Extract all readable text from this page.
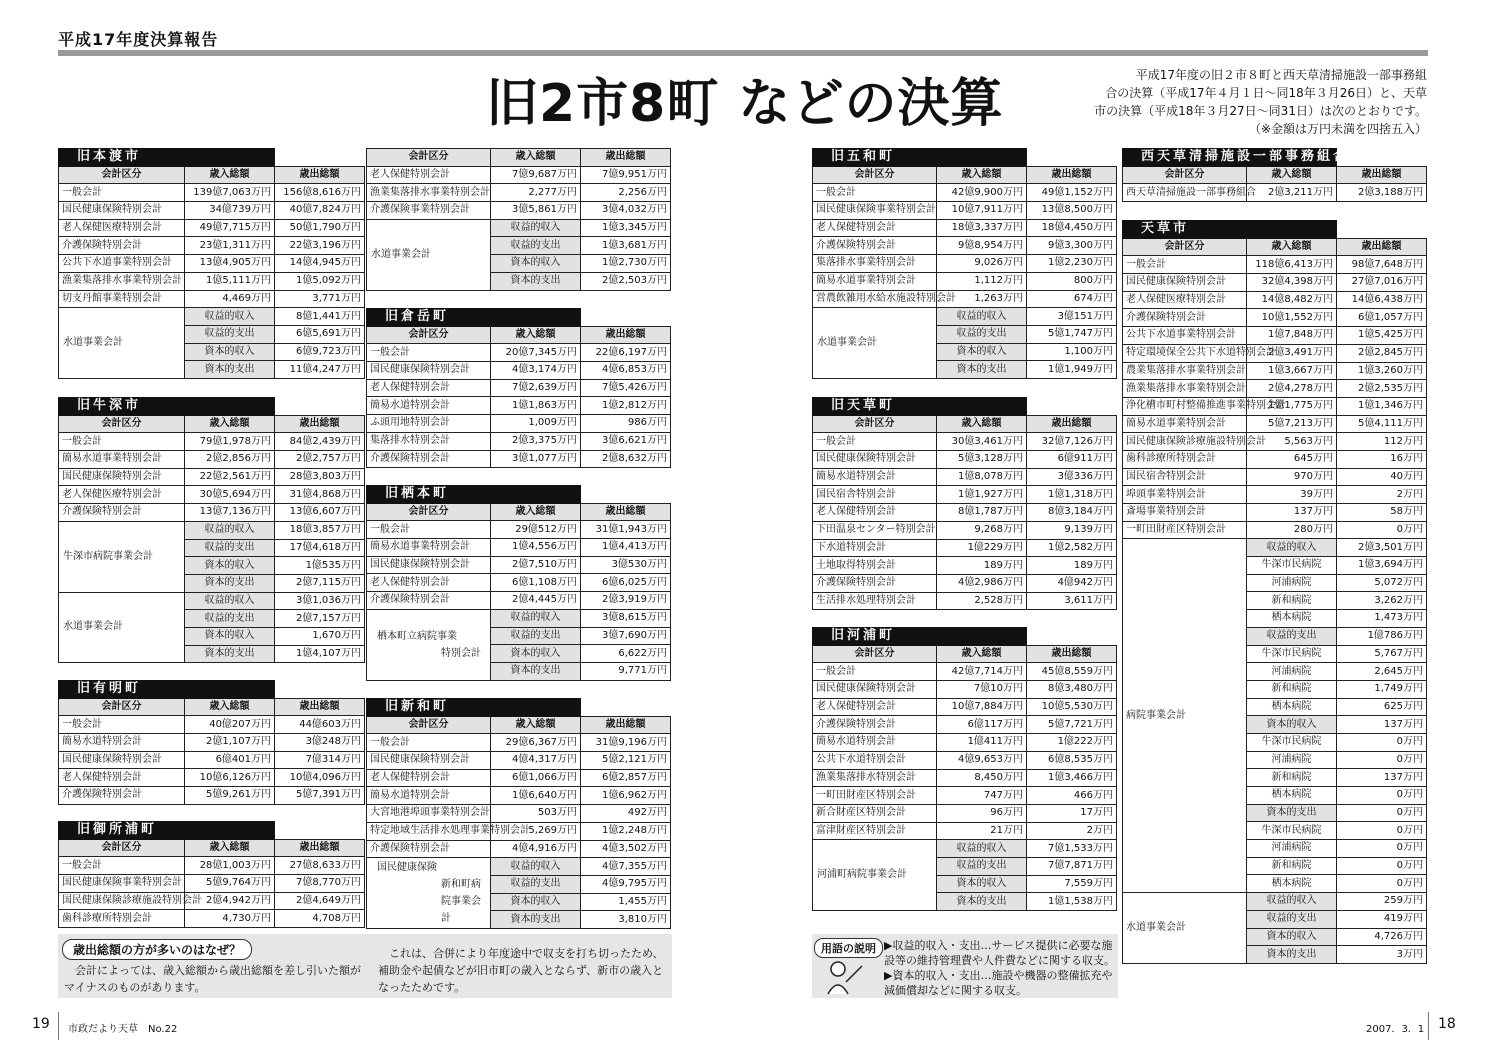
平成17年度決算報告
旧2市8町 などの決算	平成17年度の旧２市８町と西天草清掃施設一部事務組
合の決算（平成17年４月１日～同18年３月26日）と、天草
市の決算（平成18年３月27日～同31日）は次のとおりです。
（※金額は万円未満を四捨五入）
旧本渡市		
会計区分	歳入総額	歳出総額
一般会計	139億7,063万円	156億8,616万円
国民健康保険特別会計	34億739万円	40億7,824万円
老人保健医療特別会計	49億7,715万円	50億1,790万円
介護保険特別会計	23億1,311万円	22億3,196万円
公共下水道事業特別会計	13億4,905万円	14億4,945万円
漁業集落排水事業特別会計	1億5,111万円	1億5,092万円
切支丹館事業特別会計	4,469万円	3,771万円
水道事業会計	収益的収入	8億1,441万円
	収益的支出	6億5,691万円
	資本的収入	6億9,723万円
	資本的支出	11億4,247万円
会計区分	歳入総額	歳出総額
老人保健特別会計	7億9,687万円	7億9,951万円
漁業集落排水事業特別会計	2,277万円	2,256万円
介護保険事業特別会計	3億5,861万円	3億4,032万円
水道事業会計	収益的収入	1億3,345万円
	収益的支出	1億3,681万円
	資本的収入	1億2,730万円
	資本的支出	2億2,503万円
旧牛深市		
会計区分	歳入総額	歳出総額
一般会計	79億1,978万円	84億2,439万円
簡易水道事業特別会計	2億2,856万円	2億2,757万円
国民健康保険特別会計	22億2,561万円	28億3,803万円
老人保健医療特別会計	30億5,694万円	31億4,868万円
介護保険特別会計	13億7,136万円	13億6,607万円
牛深市病院事業会計	収益的収入	18億3,857万円
	収益的支出	17億4,618万円
	資本的収入	1億535万円
	資本的支出	2億7,115万円
水道事業会計	収益的収入	3億1,036万円
	収益的支出	2億7,157万円
	資本的収入	1,670万円
	資本的支出	1億4,107万円
旧有明町		
会計区分	歳入総額	歳出総額
一般会計	40億207万円	44億603万円
簡易水道特別会計	2億1,107万円	3億248万円
国民健康保険特別会計	6億401万円	7億314万円
老人保健特別会計	10億6,126万円	10億4,096万円
介護保険特別会計	5億9,261万円	5億7,391万円
旧御所浦町		
会計区分	歳入総額	歳出総額
一般会計	28億1,003万円	27億8,633万円
国民健康保険事業特別会計	5億9,764万円	7億8,770万円
国民健康保険診療施設特別会計	2億4,942万円	2億4,649万円
歯科診療所特別会計	4,730万円	4,708万円
旧倉岳町		
会計区分	歳入総額	歳出総額
一般会計	20億7,345万円	22億6,197万円
国民健康保険特別会計	4億3,174万円	4億6,853万円
老人保健特別会計	7億2,639万円	7億5,426万円
簡易水道特別会計	1億1,863万円	1億2,812万円
ふ頭用地特別会計	1,009万円	986万円
集落排水特別会計	2億3,375万円	3億6,621万円
介護保険特別会計	3億1,077万円	2億8,632万円
旧栖本町		
会計区分	歳入総額	歳出総額
一般会計	29億512万円	31億1,943万円
簡易水道事業特別会計	1億4,556万円	1億4,413万円
国民健康保険特別会計	2億7,510万円	3億530万円
老人保健特別会計	6億1,108万円	6億6,025万円
介護保険特別会計	2億4,445万円	2億3,919万円

栖本町立病院事業
特別会計	収益的収入	3億8,615万円
	収益的支出	3億7,690万円
	資本的収入	6,622万円
	資本的支出	9,771万円
旧新和町		
会計区分	歳入総額	歳出総額
一般会計	29億6,367万円	31億9,196万円
国民健康保険特別会計	4億4,317万円	5億2,121万円
老人保健特別会計	6億1,066万円	6億2,857万円
簡易水道特別会計	1億6,640万円	1億6,962万円
大宮地港埠頭事業特別会計	503万円	492万円
特定地域生活排水処理事業特別会計	5,269万円	1億2,248万円
介護保険特別会計	4億4,916万円	4億3,502万円

国民健康保険
新和町病院事業会計	収益的収入	4億7,355万円
	収益的支出	4億9,795万円
	資本的収入	1,455万円
	資本的支出	3,810万円
旧五和町		
会計区分	歳入総額	歳出総額
一般会計	42億9,900万円	49億1,152万円
国民健康保険事業特別会計	10億7,911万円	13億8,500万円
老人保健特別会計	18億3,337万円	18億4,450万円
介護保険特別会計	9億8,954万円	9億3,300万円
集落排水事業特別会計	9,026万円	1億2,230万円
簡易水道事業特別会計	1,112万円	800万円
営農飲雑用水給水施設特別会計	1,263万円	674万円
水道事業会計	収益的収入	3億151万円
	収益的支出	5億1,747万円
	資本的収入	1,100万円
	資本的支出	1億1,949万円
旧天草町		
会計区分	歳入総額	歳出総額
一般会計	30億3,461万円	32億7,126万円
国民健康保険特別会計	5億3,128万円	6億911万円
簡易水道特別会計	1億8,078万円	3億336万円
国民宿舎特別会計	1億1,927万円	1億1,318万円
老人保健特別会計	8億1,787万円	8億3,184万円
下田温泉センター特別会計	9,268万円	9,139万円
下水道特別会計	1億229万円	1億2,582万円
土地取得特別会計	189万円	189万円
介護保険特別会計	4億2,986万円	4億942万円
生活排水処理特別会計	2,528万円	3,611万円
旧河浦町		
会計区分	歳入総額	歳出総額
一般会計	42億7,714万円	45億8,559万円
国民健康保険特別会計	7億10万円	8億3,480万円
老人保健特別会計	10億7,884万円	10億5,530万円
介護保険特別会計	6億117万円	5億7,721万円
簡易水道特別会計	1億411万円	1億222万円
公共下水道特別会計	4億9,653万円	6億8,535万円
漁業集落排水特別会計	8,450万円	1億3,466万円
一町田財産区特別会計	747万円	466万円
新合財産区特別会計	96万円	17万円
富津財産区特別会計	21万円	2万円
河浦町病院事業会計	収益的収入	7億1,533万円
	収益的支出	7億7,871万円
	資本的収入	7,559万円
	資本的支出	1億1,538万円
西天草清掃施設一部事務組合		
会計区分	歳入総額	歳出総額
西天草清掃施設一部事務組合	2億3,211万円	2億3,188万円
天草市		
会計区分	歳入総額	歳出総額
一般会計	118億6,413万円	98億7,648万円
国民健康保険特別会計	32億4,398万円	27億7,016万円
老人保健医療特別会計	14億8,482万円	14億6,438万円
介護保険特別会計	10億1,552万円	6億1,057万円
公共下水道事業特別会計	1億7,848万円	1億5,425万円
特定環境保全公共下水道特別会計	2億3,491万円	2億2,845万円
農業集落排水事業特別会計	1億3,667万円	1億3,260万円
漁業集落排水事業特別会計	2億4,278万円	2億2,535万円
浄化槽市町村整備推進事業特別会計	1億1,775万円	1億1,346万円
簡易水道事業特別会計	5億7,213万円	5億4,111万円
国民健康保険診療施設特別会計	5,563万円	112万円
歯科診療所特別会計	645万円	16万円
国民宿舎特別会計	970万円	40万円
埠頭事業特別会計	39万円	2万円
斎場事業特別会計	137万円	58万円
一町田財産区特別会計	280万円	0万円
病院事業会計	収益的収入	2億3,501万円
	牛深市民病院	1億3,694万円
	河浦病院	5,072万円
	新和病院	3,262万円
	栖本病院	1,473万円
	収益的支出	1億786万円
	牛深市民病院	5,767万円
	河浦病院	2,645万円
	新和病院	1,749万円
	栖本病院	625万円
	資本的収入	137万円
	牛深市民病院	0万円
	河浦病院	0万円
	新和病院	137万円
	栖本病院	0万円
	資本的支出	0万円
	牛深市民病院	0万円
	河浦病院	0万円
	新和病院	0万円
	栖本病院	0万円
水道事業会計	収益的収入	259万円
	収益的支出	419万円
	資本的収入	4,726万円
	資本的支出	3万円
歳出総額の方が多いのはなぜ？
　会計によっては、歳入総額から歳出総額を差し引いた額がマイナスのものがあります。
　これは、合併により年度途中で収支を打ち切ったため、補助金や起債などが旧市町の歳入とならず、新市の歳入となったためです。
用語の説明 ▶収益的収入・支出…サービス提供に必要な施設等の維持管理費や人件費などに関する収支。
▶資本的収入・支出…施設や機器の整備拡充や減価償却などに関する収支。
19 市政だより天草　No.22	2007．3．1 18
